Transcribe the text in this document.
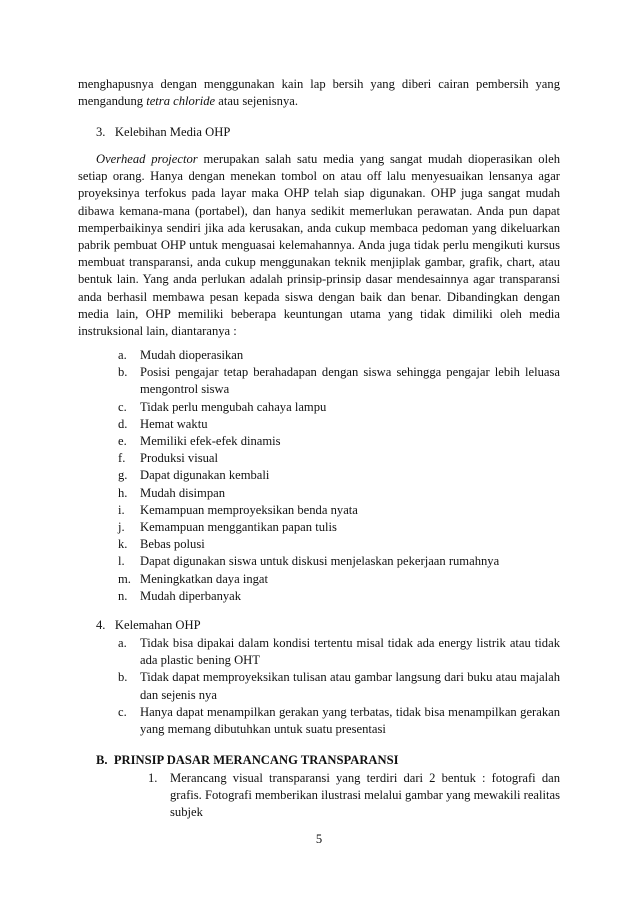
menghapusnya dengan menggunakan kain lap bersih yang diberi cairan pembersih yang mengandung tetra chloride atau sejenisnya.

3. Kelebihan Media OHP

Overhead projector merupakan salah satu media yang sangat mudah dioperasikan oleh setiap orang. Hanya dengan menekan tombol on atau off lalu menyesuaikan lensanya agar proyeksinya terfokus pada layar maka OHP telah siap digunakan. OHP juga sangat mudah dibawa kemana-mana (portabel), dan hanya sedikit memerlukan perawatan. Anda pun dapat memperbaikinya sendiri jika ada kerusakan, anda cukup membaca pedoman yang dikeluarkan pabrik pembuat OHP untuk menguasai kelemahannya. Anda juga tidak perlu mengikuti kursus membuat transparansi, anda cukup menggunakan teknik menjiplak gambar, grafik, chart, atau bentuk lain. Yang anda perlukan adalah prinsip-prinsip dasar mendesainnya agar transparansi anda berhasil membawa pesan kepada siswa dengan baik dan benar. Dibandingkan dengan media lain, OHP memiliki beberapa keuntungan utama yang tidak dimiliki oleh media instruksional lain, diantaranya :

a. Mudah dioperasikan
b. Posisi pengajar tetap berahadapan dengan siswa sehingga pengajar lebih leluasa mengontrol siswa
c. Tidak perlu mengubah cahaya lampu
d. Hemat waktu
e. Memiliki efek-efek dinamis
f. Produksi visual
g. Dapat digunakan kembali
h. Mudah disimpan
i. Kemampuan memproyeksikan benda nyata
j. Kemampuan menggantikan papan tulis
k. Bebas polusi
l. Dapat digunakan siswa untuk diskusi menjelaskan pekerjaan rumahnya
m. Meningkatkan daya ingat
n. Mudah diperbanyak
4. Kelemahan OHP
a. Tidak bisa dipakai dalam kondisi tertentu misal tidak ada energy listrik atau tidak ada plastic bening OHT
b. Tidak dapat memproyeksikan tulisan atau gambar langsung dari buku atau majalah dan sejenis nya
c. Hanya dapat menampilkan gerakan yang terbatas, tidak bisa menampilkan gerakan yang memang dibutuhkan untuk suatu presentasi
B. PRINSIP DASAR MERANCANG TRANSPARANSI
1. Merancang visual transparansi yang terdiri dari 2 bentuk : fotografi dan grafis. Fotografi memberikan ilustrasi melalui gambar yang mewakili realitas subjek
5
